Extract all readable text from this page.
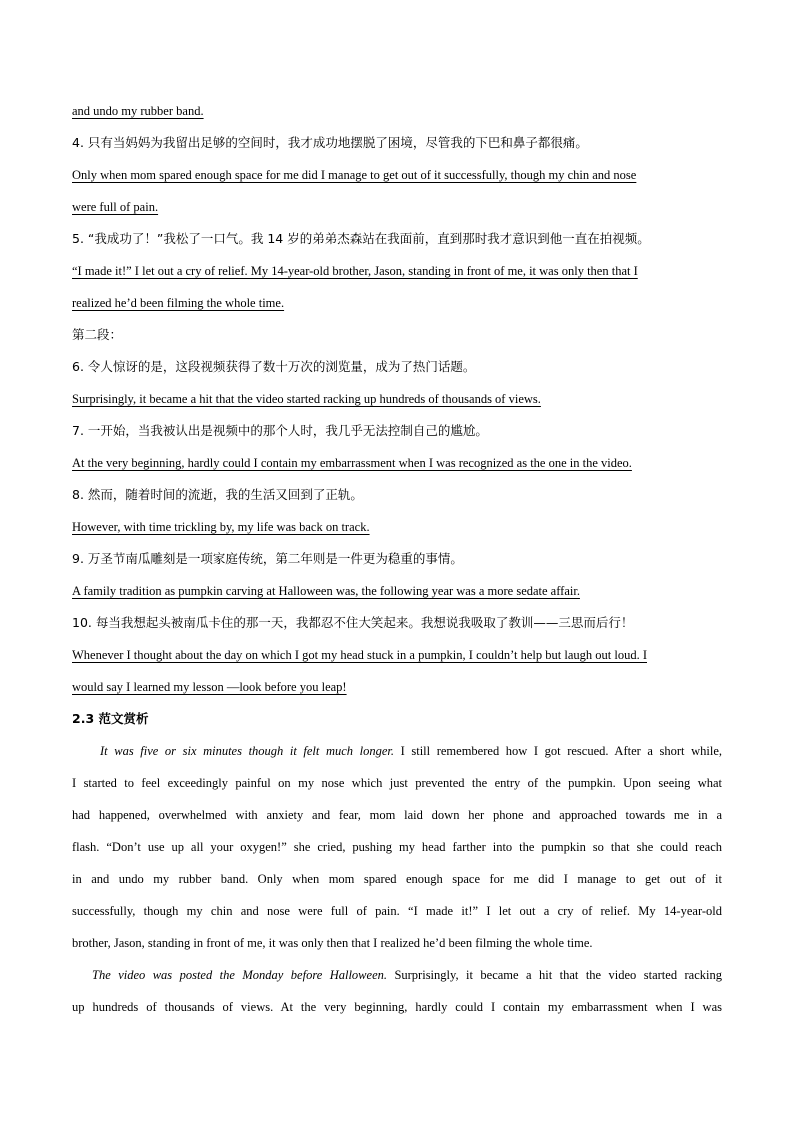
and undo my rubber band.
4. 只有当妈妈为我留出足够的空间时，我才成功地摆脱了困境，尽管我的下巴和鼻子都很痛。
Only when mom spared enough space for me did I manage to get out of it successfully, though my chin and nose
were full of pain.
5. “我成功了！”我松了一口气。我 14 岁的弟弟杰森站在我面前，直到那时我才意识到他一直在拍视频。
“I made it!” I let out a cry of relief. My 14-year-old brother, Jason, standing in front of me, it was only then that I
realized he’d been filming the whole time.
第二段：
6. 令人惊讶的是，这段视频获得了数十万次的浏览量，成为了热门话题。
Surprisingly, it became a hit that the video started racking up hundreds of thousands of views.
7. 一开始，当我被认出是视频中的那个人时，我几乎无法控制自己的尴尬。
At the very beginning, hardly could I contain my embarrassment when I was recognized as the one in the video.
8. 然而，随着时间的流逝，我的生活又回到了正轨。
However, with time trickling by, my life was back on track.
9. 万圣节南瓜雕刻是一项家庭传统，第二年则是一件更为稳重的事情。
A family tradition as pumpkin carving at Halloween was, the following year was a more sedate affair.
10. 每当我想起头被南瓜卡住的那一天，我都忍不住大笑起来。我想说我吸取了教训——三思而后行！
Whenever I thought about the day on which I got my head stuck in a pumpkin, I couldn’t help but laugh out loud. I
would say I learned my lesson —look before you leap!
2.3 范文赏析
It was five or six minutes though it felt much longer. I still remembered how I got rescued. After a short while,
I started to feel exceedingly painful on my nose which just prevented the entry of the pumpkin. Upon seeing what
had happened, overwhelmed with anxiety and fear, mom laid down her phone and approached towards me in a
flash. “Don’t use up all your oxygen!” she cried, pushing my head farther into the pumpkin so that she could reach
in and undo my rubber band. Only when mom spared enough space for me did I manage to get out of it
successfully, though my chin and nose were full of pain. “I made it!” I let out a cry of relief. My 14-year-old
brother, Jason, standing in front of me, it was only then that I realized he’d been filming the whole time.
The video was posted the Monday before Halloween. Surprisingly, it became a hit that the video started racking
up hundreds of thousands of views. At the very beginning, hardly could I contain my embarrassment when I was
